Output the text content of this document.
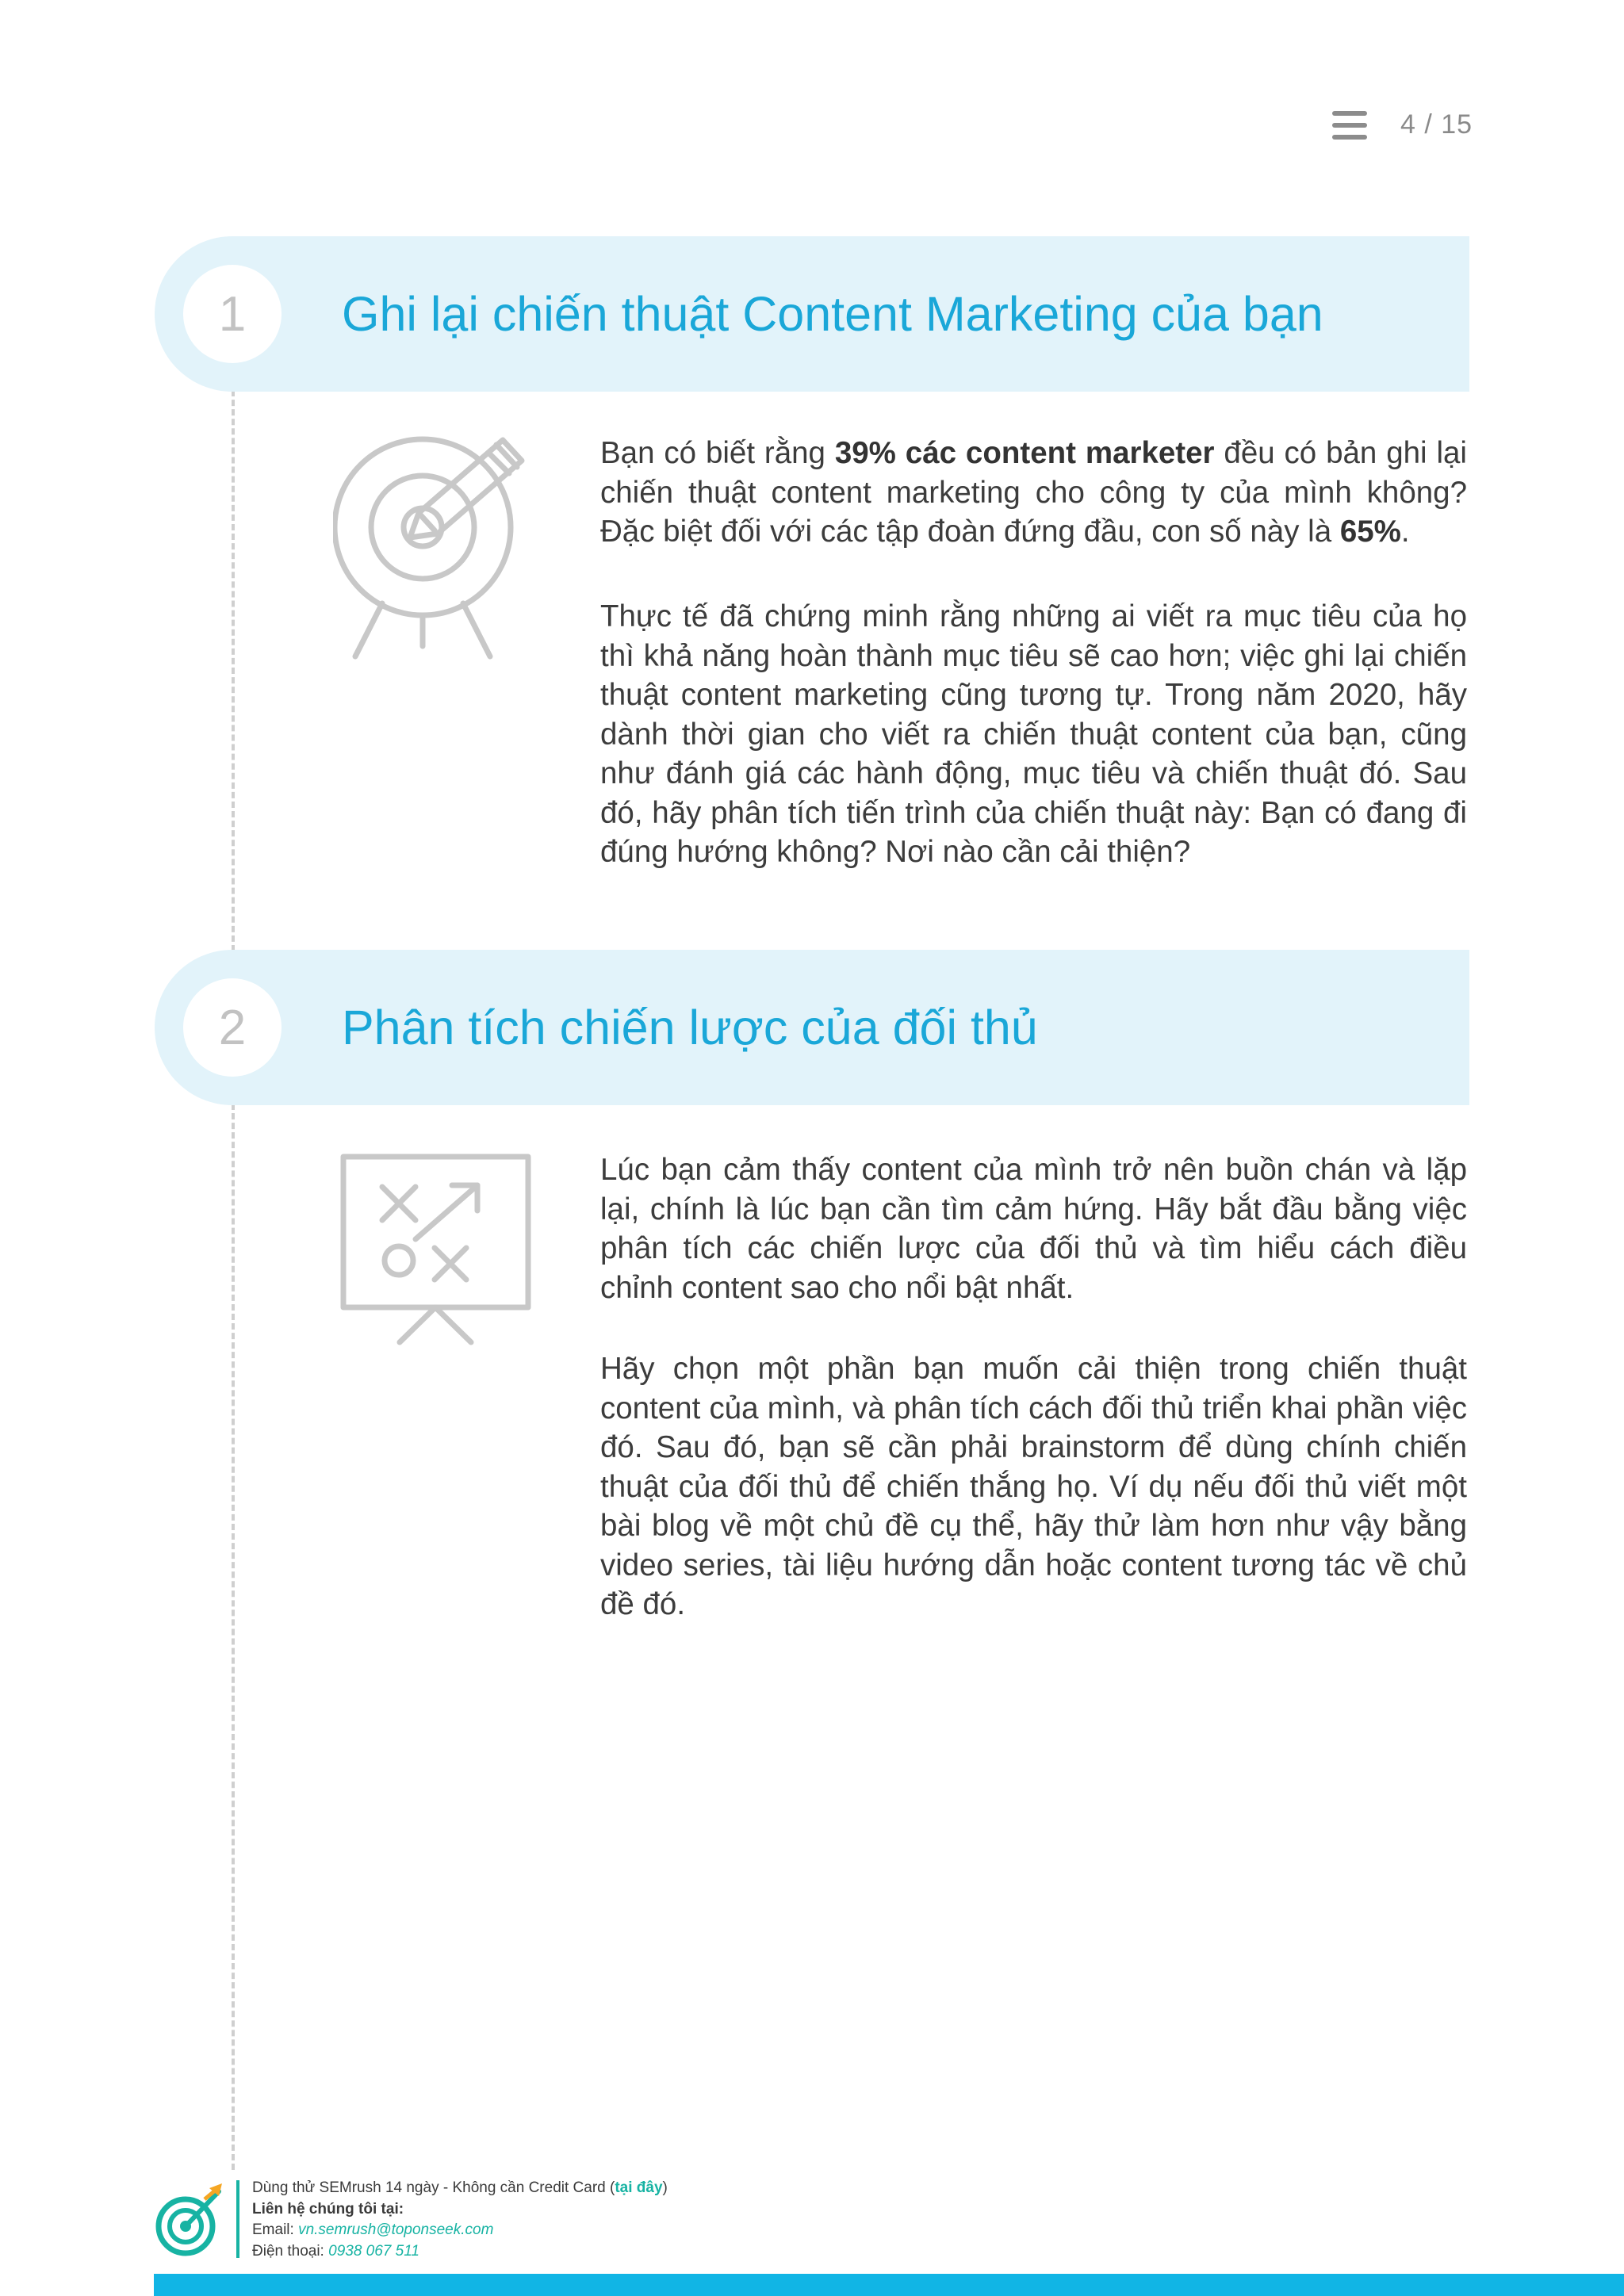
4 / 15
1	Ghi lại chiến thuật Content Marketing của bạn

Bạn có biết rằng 39% các content marketer đều có bản ghi lại chiến thuật content marketing cho công ty của mình không? Đặc biệt đối với các tập đoàn đứng đầu, con số này là 65%.

Thực tế đã chứng minh rằng những ai viết ra mục tiêu của họ thì khả năng hoàn thành mục tiêu sẽ cao hơn; việc ghi lại chiến thuật content marketing cũng tương tự. Trong năm 2020, hãy dành thời gian cho viết ra chiến thuật content của bạn, cũng như đánh giá các hành động, mục tiêu và chiến thuật đó. Sau đó, hãy phân tích tiến trình của chiến thuật này: Bạn có đang đi đúng hướng không? Nơi nào cần cải thiện?

2	Phân tích chiến lược của đối thủ

Lúc bạn cảm thấy content của mình trở nên buồn chán và lặp lại, chính là lúc bạn cần tìm cảm hứng. Hãy bắt đầu bằng việc phân tích các chiến lược của đối thủ và tìm hiểu cách điều chỉnh content sao cho nổi bật nhất.

Hãy chọn một phần bạn muốn cải thiện trong chiến thuật content của mình, và phân tích cách đối thủ triển khai phần việc đó. Sau đó, bạn sẽ cần phải brainstorm để dùng chính chiến thuật của đối thủ để chiến thắng họ. Ví dụ nếu đối thủ viết một bài blog về một chủ đề cụ thể, hãy thử làm hơn như vậy bằng video series, tài liệu hướng dẫn hoặc content tương tác về chủ đề đó.

Dùng thử SEMrush 14 ngày - Không cần Credit Card (tại đây)
Liên hệ chúng tôi tại:
Email: vn.semrush@toponseek.com
Điện thoại: 0938 067 511
